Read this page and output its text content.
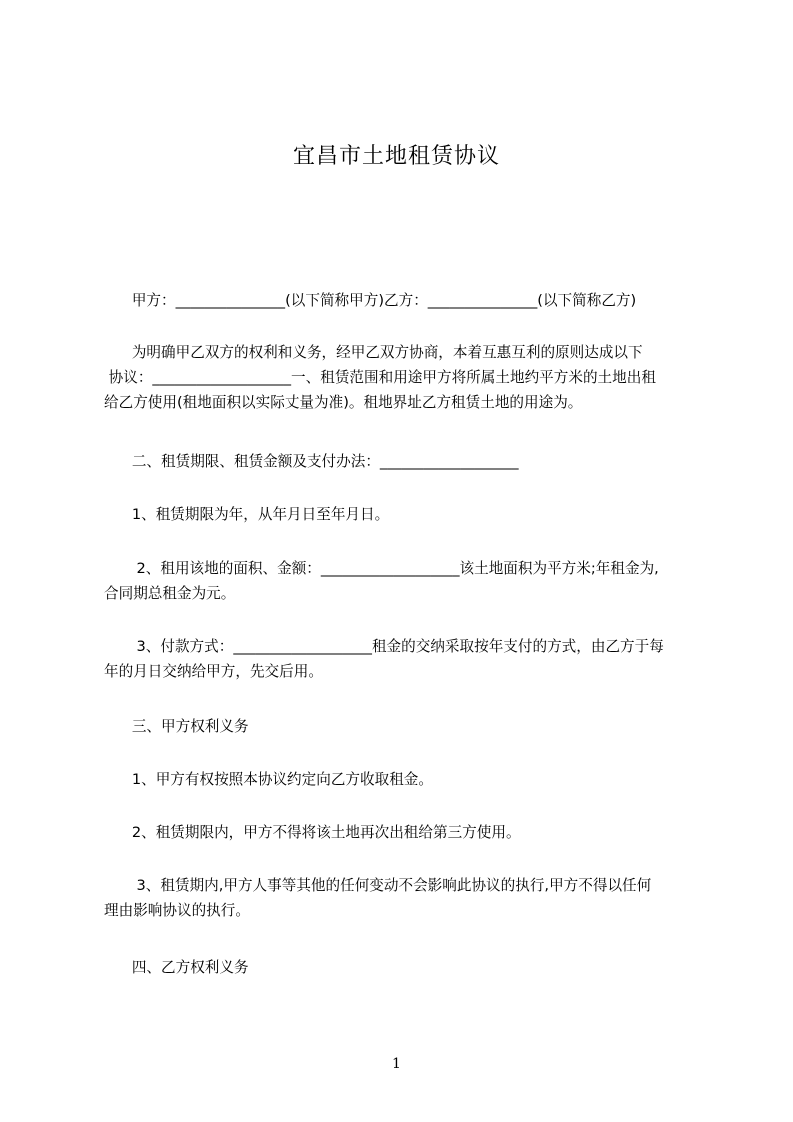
宜昌市土地租赁协议
甲方：_______________(以下简称甲方)乙方：_______________(以下简称乙方)
为明确甲乙双方的权利和义务，经甲乙双方协商，本着互惠互利的原则达成以下
协议：___________________一、租赁范围和用途甲方将所属土地约平方米的土地出租
给乙方使用(租地面积以实际丈量为准)。租地界址乙方租赁土地的用途为。
二、租赁期限、租赁金额及支付办法：___________________
1、租赁期限为年，从年月日至年月日。
2、租用该地的面积、金额：___________________该土地面积为平方米;年租金为,
合同期总租金为元。
3、付款方式：___________________租金的交纳采取按年支付的方式，由乙方于每
年的月日交纳给甲方，先交后用。
三、甲方权利义务
1、甲方有权按照本协议约定向乙方收取租金。
2、租赁期限内，甲方不得将该土地再次出租给第三方使用。
3、租赁期内,甲方人事等其他的任何变动不会影响此协议的执行,甲方不得以任何
理由影响协议的执行。
四、乙方权利义务
1
